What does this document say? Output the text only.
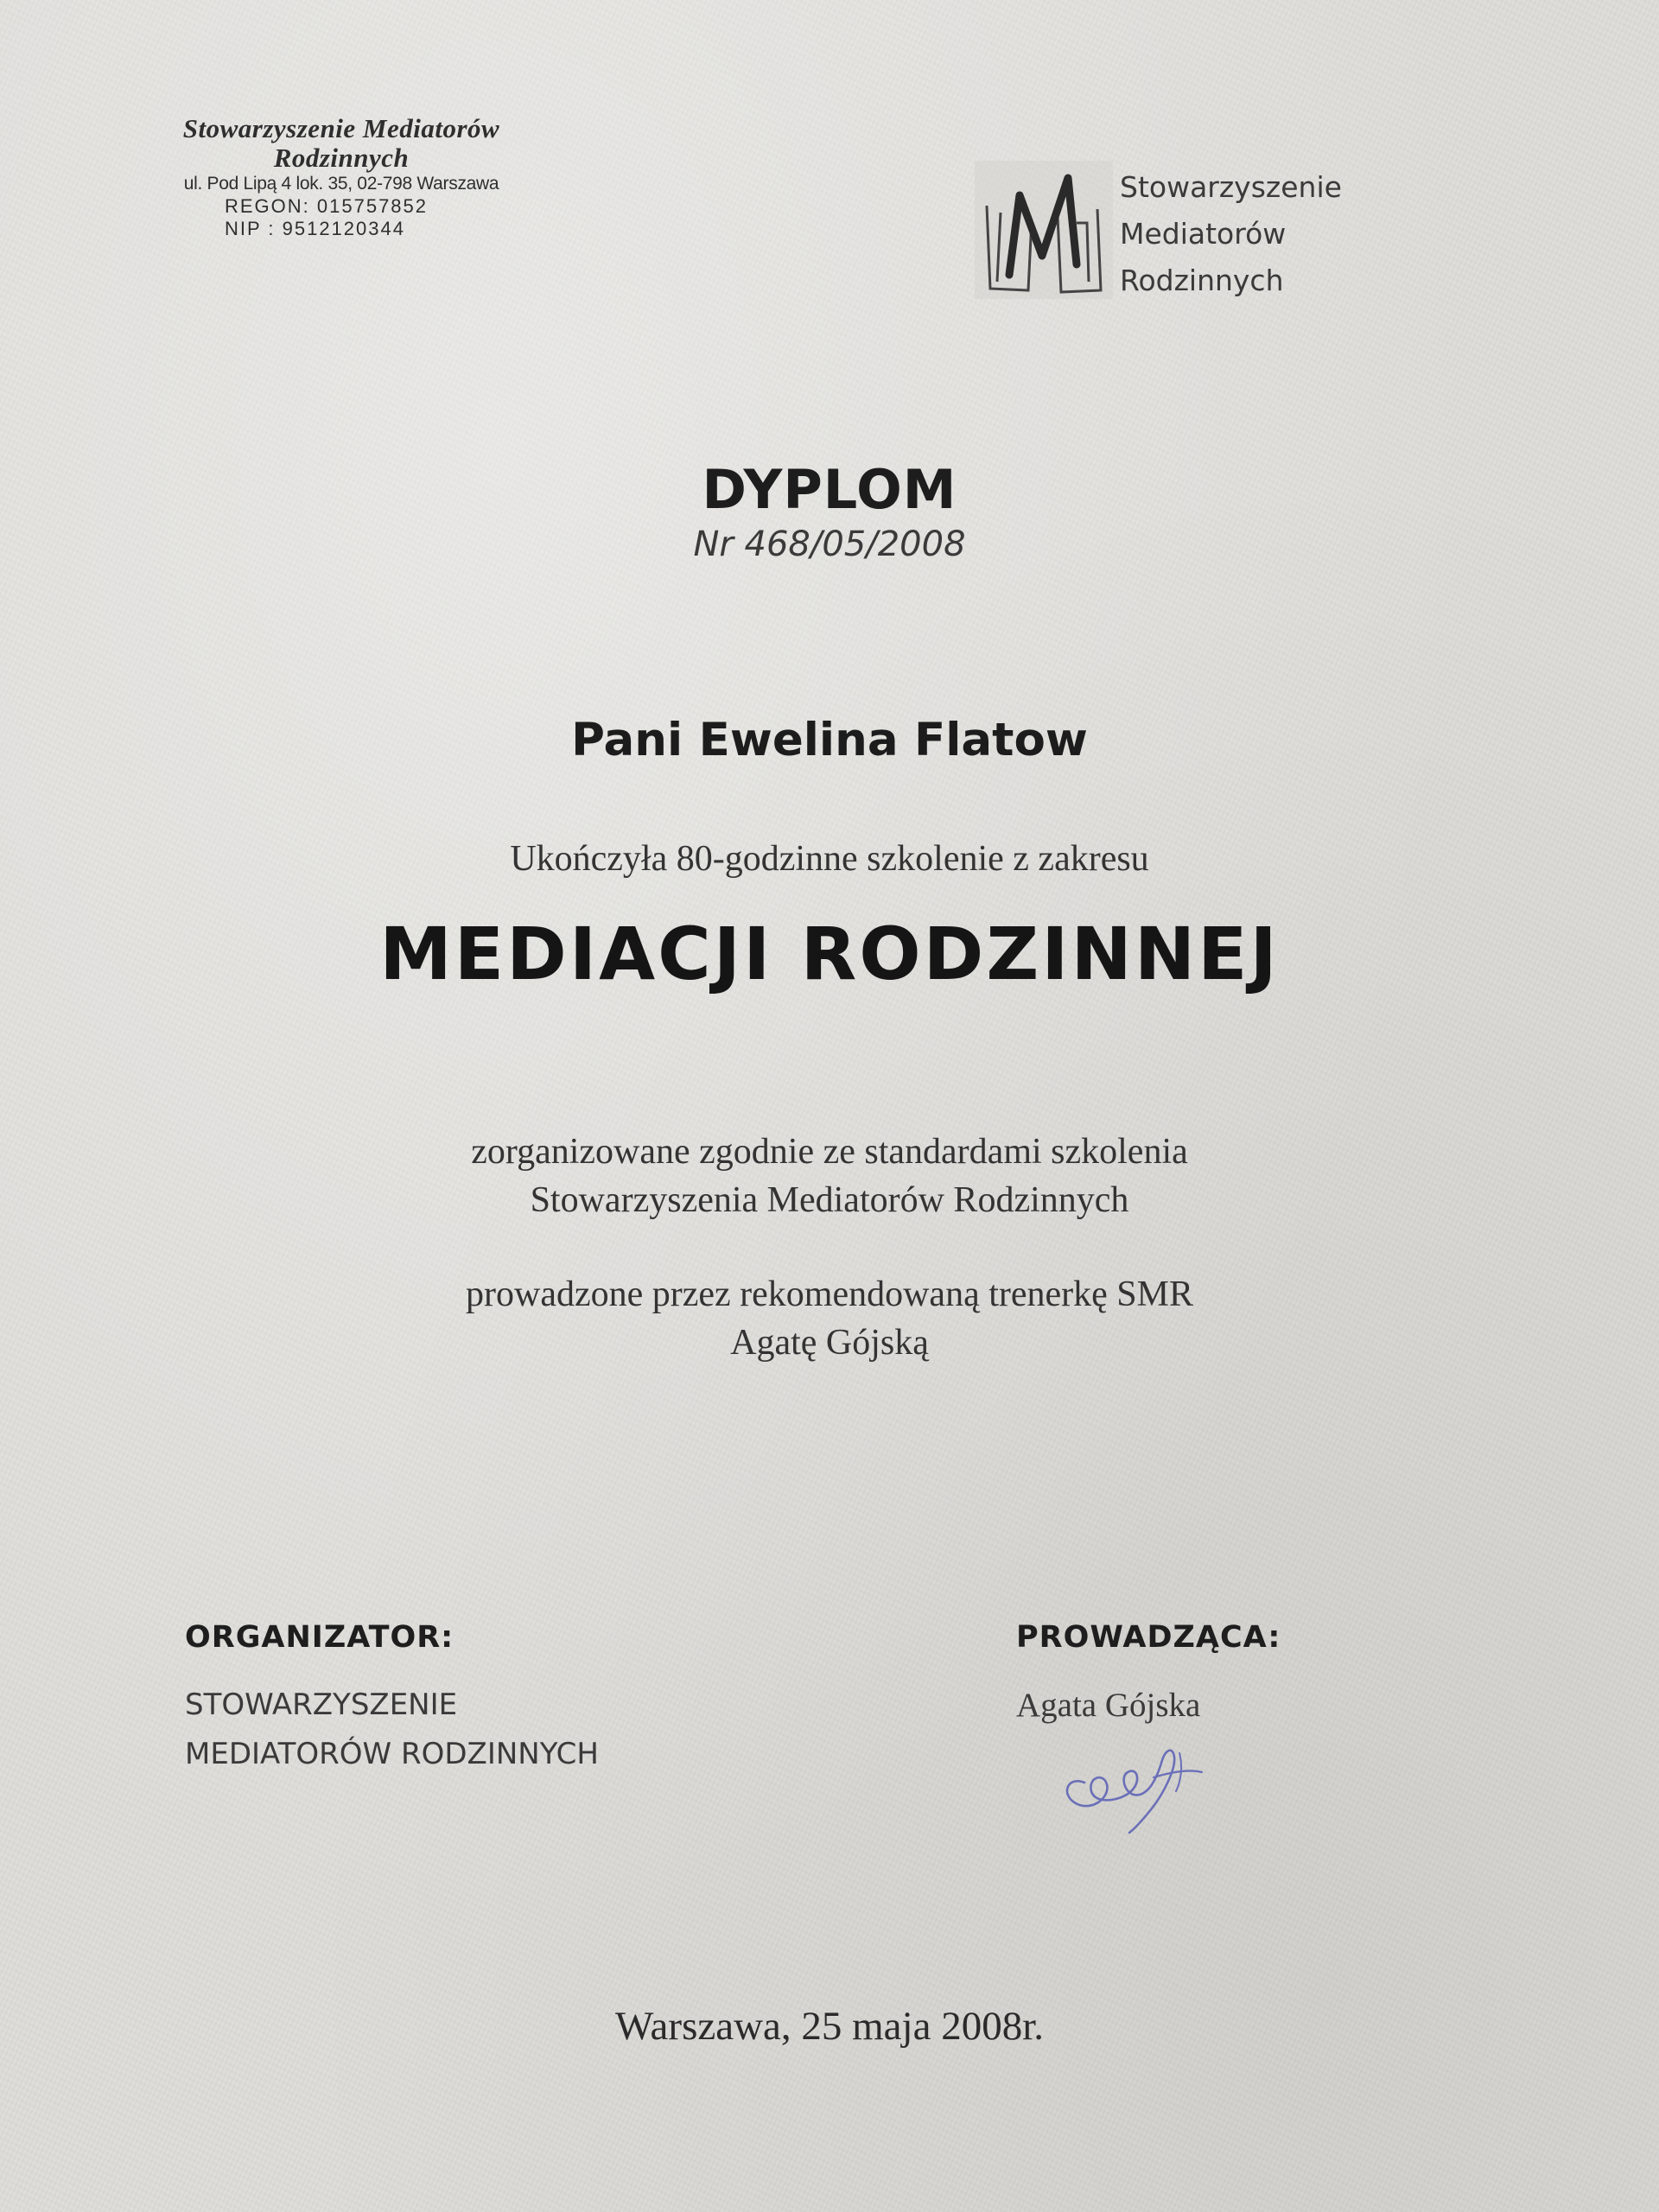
Stowarzyszenie Mediatorów
Rodzinnych
ul. Pod Lipą 4 lok. 35, 02-798 Warszawa
REGON: 015757852
NIP : 9512120344
Stowarzyszenie
Mediatorów
Rodzinnych
DYPLOM
Nr 468/05/2008
Pani Ewelina Flatow
Ukończyła 80-godzinne szkolenie z zakresu
MEDIACJI RODZINNEJ
zorganizowane zgodnie ze standardami szkolenia
Stowarzyszenia Mediatorów Rodzinnych
prowadzone przez rekomendowaną trenerkę SMR
Agatę Gójską
ORGANIZATOR:
STOWARZYSZENIE
MEDIATORÓW RODZINNYCH
PROWADZĄCA:
Agata Gójska
Warszawa, 25 maja 2008r.
